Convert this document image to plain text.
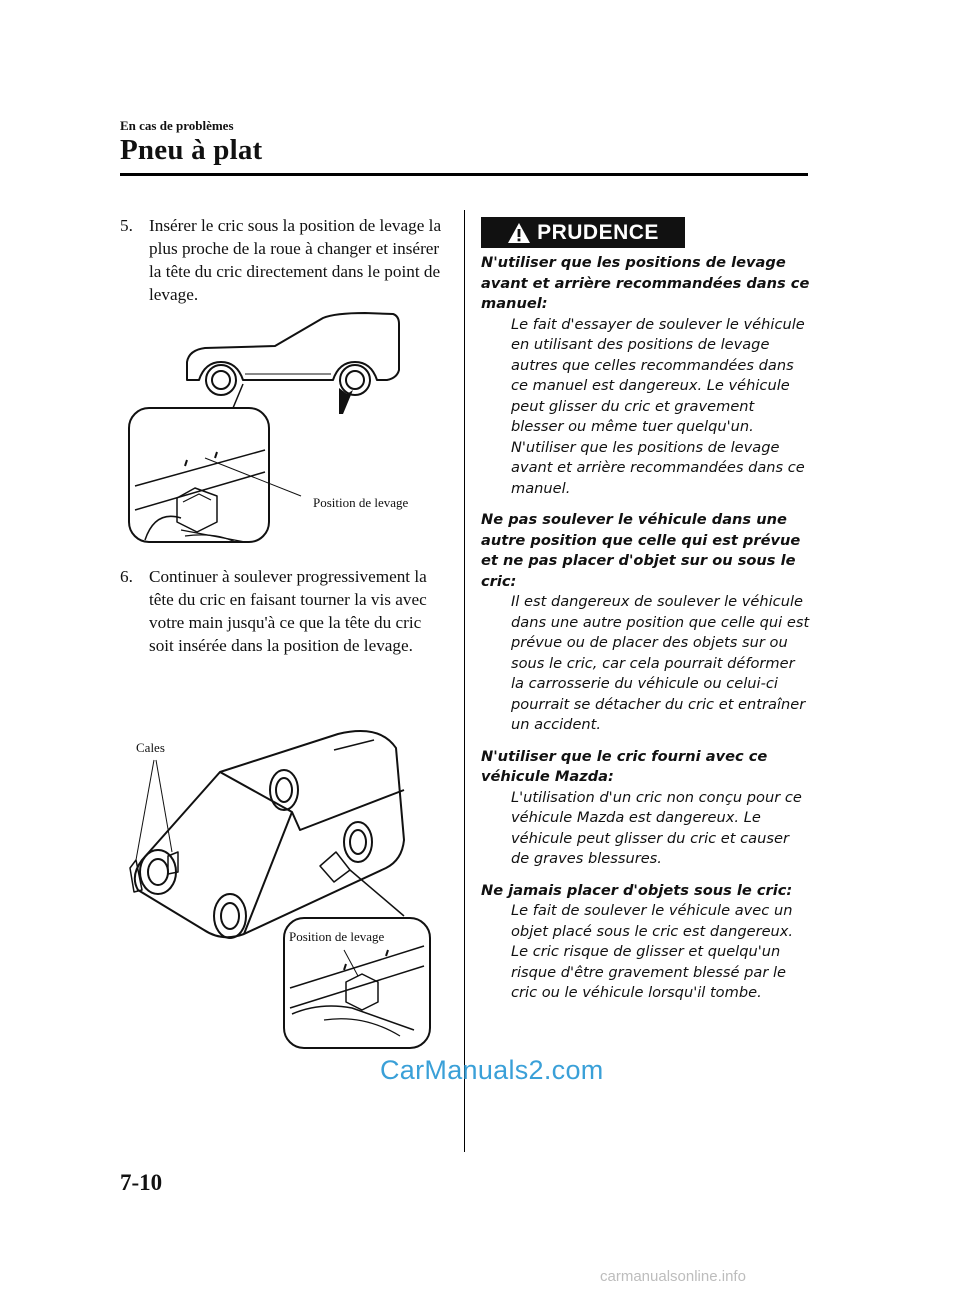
En cas de problèmes
Pneu à plat
5. Insérer le cric sous la position de levage la plus proche de la roue à changer et insérer la tête du cric directement dans le point de levage.
Position de levage
6. Continuer à soulever progressivement la tête du cric en faisant tourner la vis avec votre main jusqu'à ce que la tête du cric soit insérée dans la position de levage.
Cales
Position de levage
PRUDENCE

N'utiliser que les positions de levage avant et arrière recommandées dans ce manuel:

Le fait d'essayer de soulever le véhicule en utilisant des positions de levage autres que celles recommandées dans ce manuel est dangereux. Le véhicule peut glisser du cric et gravement blesser ou même tuer quelqu'un. N'utiliser que les positions de levage avant et arrière recommandées dans ce manuel.

Ne pas soulever le véhicule dans une autre position que celle qui est prévue et ne pas placer d'objet sur ou sous le cric:

Il est dangereux de soulever le véhicule dans une autre position que celle qui est prévue ou de placer des objets sur ou sous le cric, car cela pourrait déformer la carrosserie du véhicule ou celui-ci pourrait se détacher du cric et entraîner un accident.

N'utiliser que le cric fourni avec ce véhicule Mazda:

L'utilisation d'un cric non conçu pour ce véhicule Mazda est dangereux. Le véhicule peut glisser du cric et causer de graves blessures.

Ne jamais placer d'objets sous le cric:

Le fait de soulever le véhicule avec un objet placé sous le cric est dangereux. Le cric risque de glisser et quelqu'un risque d'être gravement blessé par le cric ou le véhicule lorsqu'il tombe.

CarManuals2.com
7-10
carmanualsonline.info
